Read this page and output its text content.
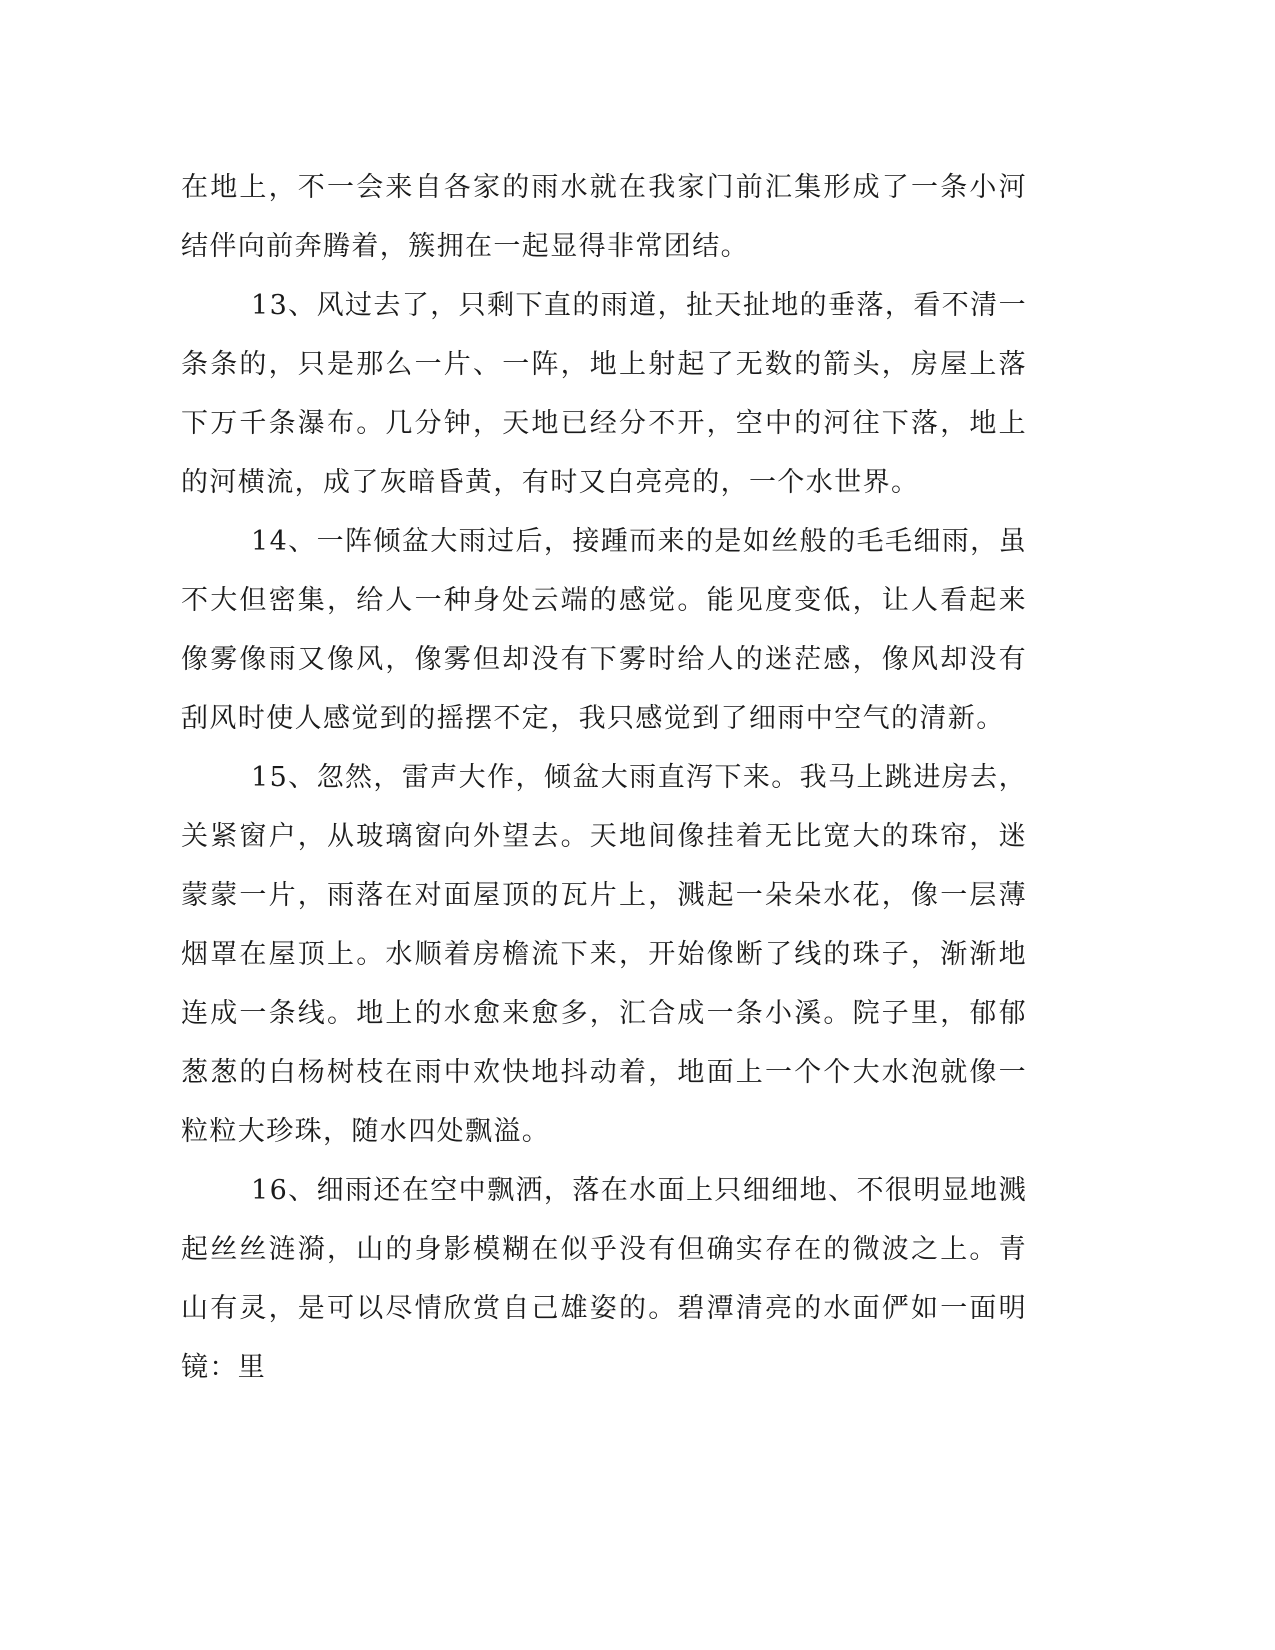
在地上，不一会来自各家的雨水就在我家门前汇集形成了一条小河结伴向前奔腾着，簇拥在一起显得非常团结。

13、风过去了，只剩下直的雨道，扯天扯地的垂落，看不清一条条的，只是那么一片、一阵，地上射起了无数的箭头，房屋上落下万千条瀑布。几分钟，天地已经分不开，空中的河往下落，地上的河横流，成了灰暗昏黄，有时又白亮亮的，一个水世界。

14、一阵倾盆大雨过后，接踵而来的是如丝般的毛毛细雨，虽不大但密集，给人一种身处云端的感觉。能见度变低，让人看起来像雾像雨又像风，像雾但却没有下雾时给人的迷茫感，像风却没有刮风时使人感觉到的摇摆不定，我只感觉到了细雨中空气的清新。

15、忽然，雷声大作，倾盆大雨直泻下来。我马上跳进房去，关紧窗户，从玻璃窗向外望去。天地间像挂着无比宽大的珠帘，迷蒙蒙一片，雨落在对面屋顶的瓦片上，溅起一朵朵水花，像一层薄烟罩在屋顶上。水顺着房檐流下来，开始像断了线的珠子，渐渐地连成一条线。地上的水愈来愈多，汇合成一条小溪。院子里，郁郁葱葱的白杨树枝在雨中欢快地抖动着，地面上一个个大水泡就像一粒粒大珍珠，随水四处飘溢。

16、细雨还在空中飘洒，落在水面上只细细地、不很明显地溅起丝丝涟漪，山的身影模糊在似乎没有但确实存在的微波之上。青山有灵，是可以尽情欣赏自己雄姿的。碧潭清亮的水面俨如一面明镜：里
